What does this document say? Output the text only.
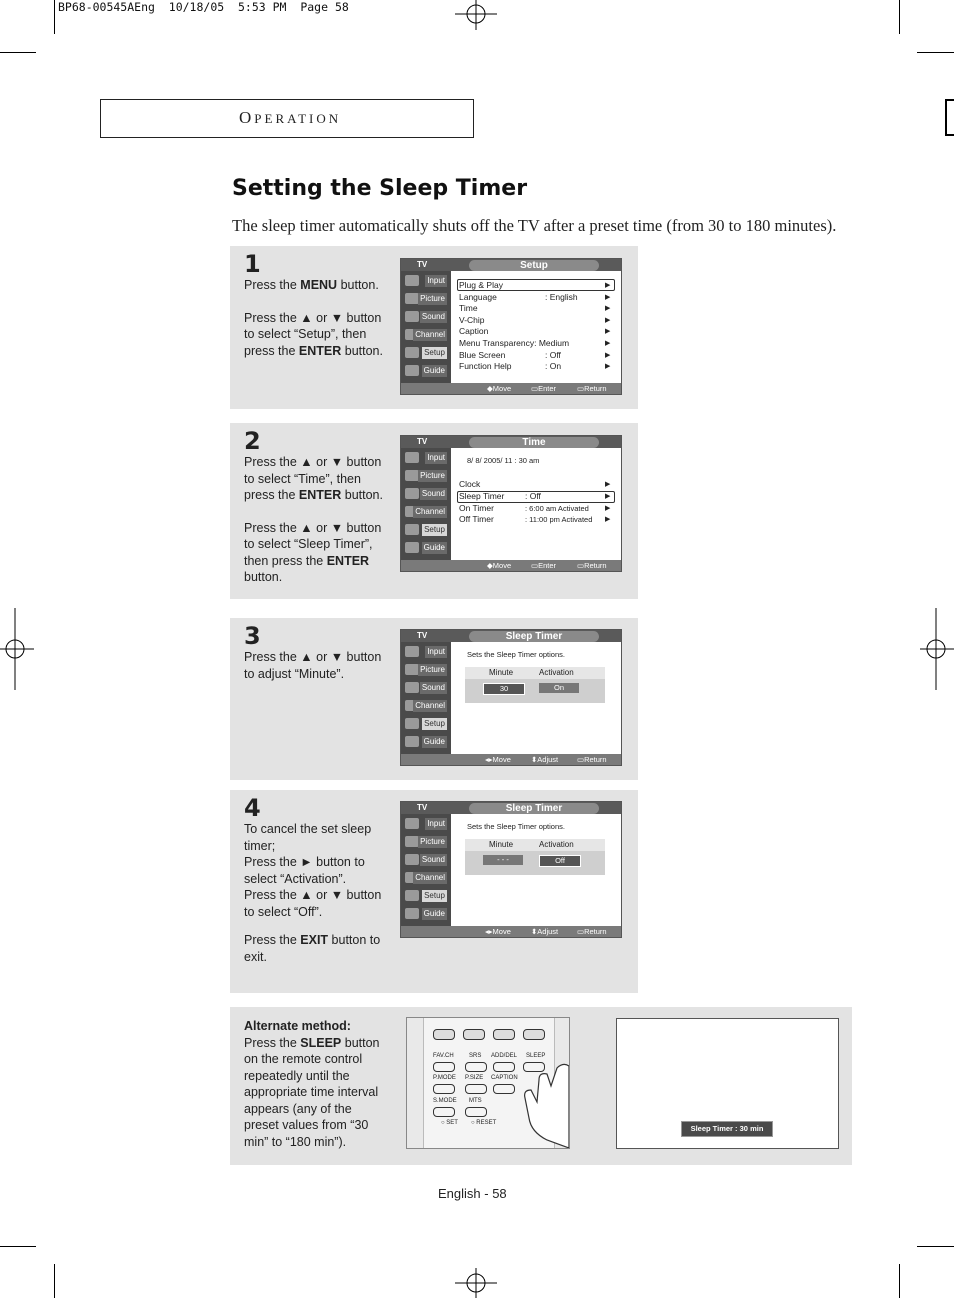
BP68-00545AEng  10/18/05  5:53 PM  Page 58
OPERATION
Setting the Sleep Timer
The sleep timer automatically shuts off the TV after a preset time (from 30 to 180 minutes).
1

Press the MENU button.

Press the ▲ or ▼ button to select “Setup”, then press the ENTER button.

TV	Setup
Input
Picture
Sound
Channel
Setup
Guide
Plug & Play	▶
Language	: English	▶
Time	▶
V-Chip	▶
Caption	▶
Menu Transparency: Medium	▶
Blue Screen	: Off	▶
Function Help	: On	▶
◆ Move	▭ Enter	▭ Return
2

Press the ▲ or ▼ button to select “Time”, then press the ENTER button.

Press the ▲ or ▼ button to select “Sleep Timer”, then press the ENTER button.

TV	Time
Input
Picture
Sound
Channel
Setup
Guide
8/ 8/ 2005/ 11 : 30 am
Clock	▶
Sleep Timer : Off	▶
On Timer	: 6:00 am Activated ▶
Off Timer	: 11:00 pm Activated ▶
◆ Move	▭ Enter	▭ Return
3

Press the ▲ or ▼ button to adjust “Minute”.

TV	Sleep Timer
Input
Picture
Sound
Channel
Setup
Guide
Sets the Sleep Timer options.
Minute	Activation
30	On
◂▸ Move	⬍ Adjust	▭ Return
4
To cancel the set sleep timer;
Press the ► button to select “Activation”.
Press the ▲ or ▼ button to select “Off”.

Press the EXIT button to exit.

TV	Sleep Timer
Input
Picture
Sound
Channel
Setup
Guide
Sets the Sleep Timer options.
Minute	Activation
- - -	Off
◂▸ Move	⬍ Adjust	▭ Return
Alternate method:
Press the SLEEP button on the remote control repeatedly until the appropriate time interval appears (any of the preset values from “30 min” to “180 min”).
FAV.CH	SRS ADD/DEL SLEEP
P.MODE P.SIZE CAPTION
S.MODE MTS
○ SET ○ RESET
Sleep Timer : 30 min
English - 58
